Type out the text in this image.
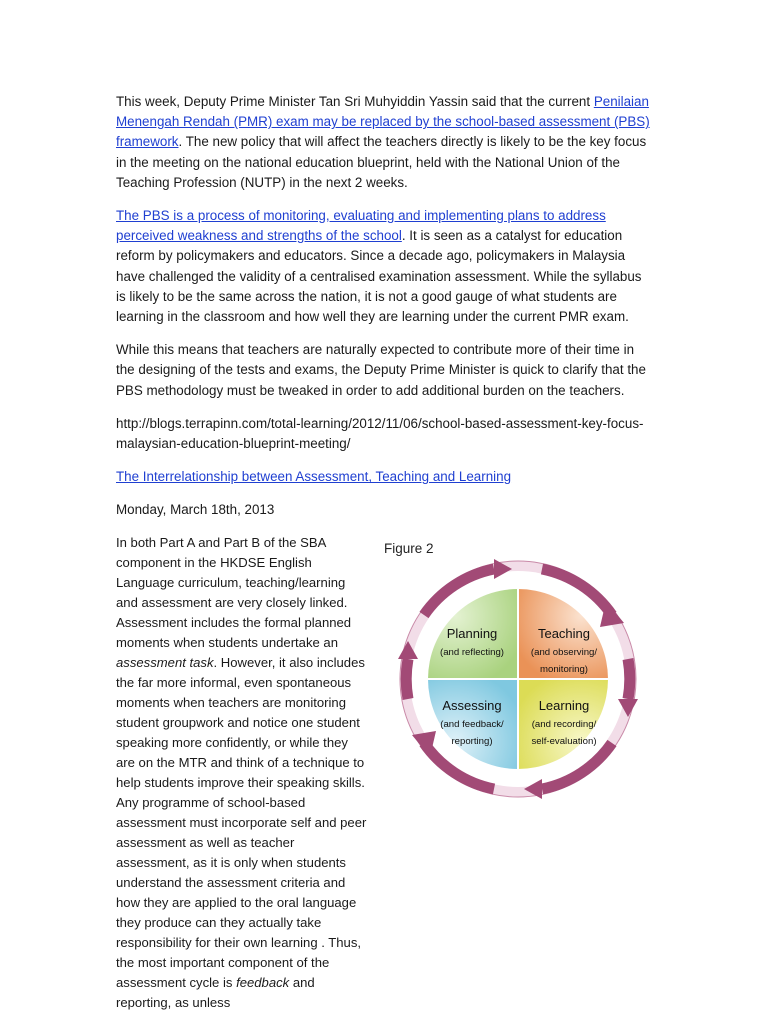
This week, Deputy Prime Minister Tan Sri Muhyiddin Yassin said that the current Penilaian Menengah Rendah (PMR) exam may be replaced by the school-based assessment (PBS) framework. The new policy that will affect the teachers directly is likely to be the key focus in the meeting on the national education blueprint, held with the National Union of the Teaching Profession (NUTP) in the next 2 weeks.

The PBS is a process of monitoring, evaluating and implementing plans to address perceived weakness and strengths of the school. It is seen as a catalyst for education reform by policymakers and educators. Since a decade ago, policymakers in Malaysia have challenged the validity of a centralised examination assessment. While the syllabus is likely to be the same across the nation, it is not a good gauge of what students are learning in the classroom and how well they are learning under the current PMR exam.

While this means that teachers are naturally expected to contribute more of their time in the designing of the tests and exams, the Deputy Prime Minister is quick to clarify that the PBS methodology must be tweaked in order to add additional burden on the teachers.

http://blogs.terrapinn.com/total-learning/2012/11/06/school-based-assessment-key-focus-malaysian-education-blueprint-meeting/

The Interrelationship between Assessment, Teaching and Learning

Monday, March 18th, 2013

In both Part A and Part B of the SBA component in the HKDSE English Language curriculum, teaching/learning and assessment are very closely linked. Assessment includes the formal planned moments when students undertake an assessment task. However, it also includes the far more informal, even spontaneous moments when teachers are monitoring student groupwork and notice one student speaking more confidently, or while they are on the MTR and think of a technique to help students improve their speaking skills. Any programme of school-based assessment must incorporate self and peer assessment as well as teacher assessment, as it is only when students understand the assessment criteria and how they are applied to the oral language they produce can they actually take responsibility for their own learning . Thus, the most important component of the assessment cycle is feedback and reporting, as unless
Figure 2
Planning
(and reflecting)
Teaching
(and observing/
monitoring)
Assessing
(and feedback/
reporting)
Learning
(and recording/
self-evaluation)
